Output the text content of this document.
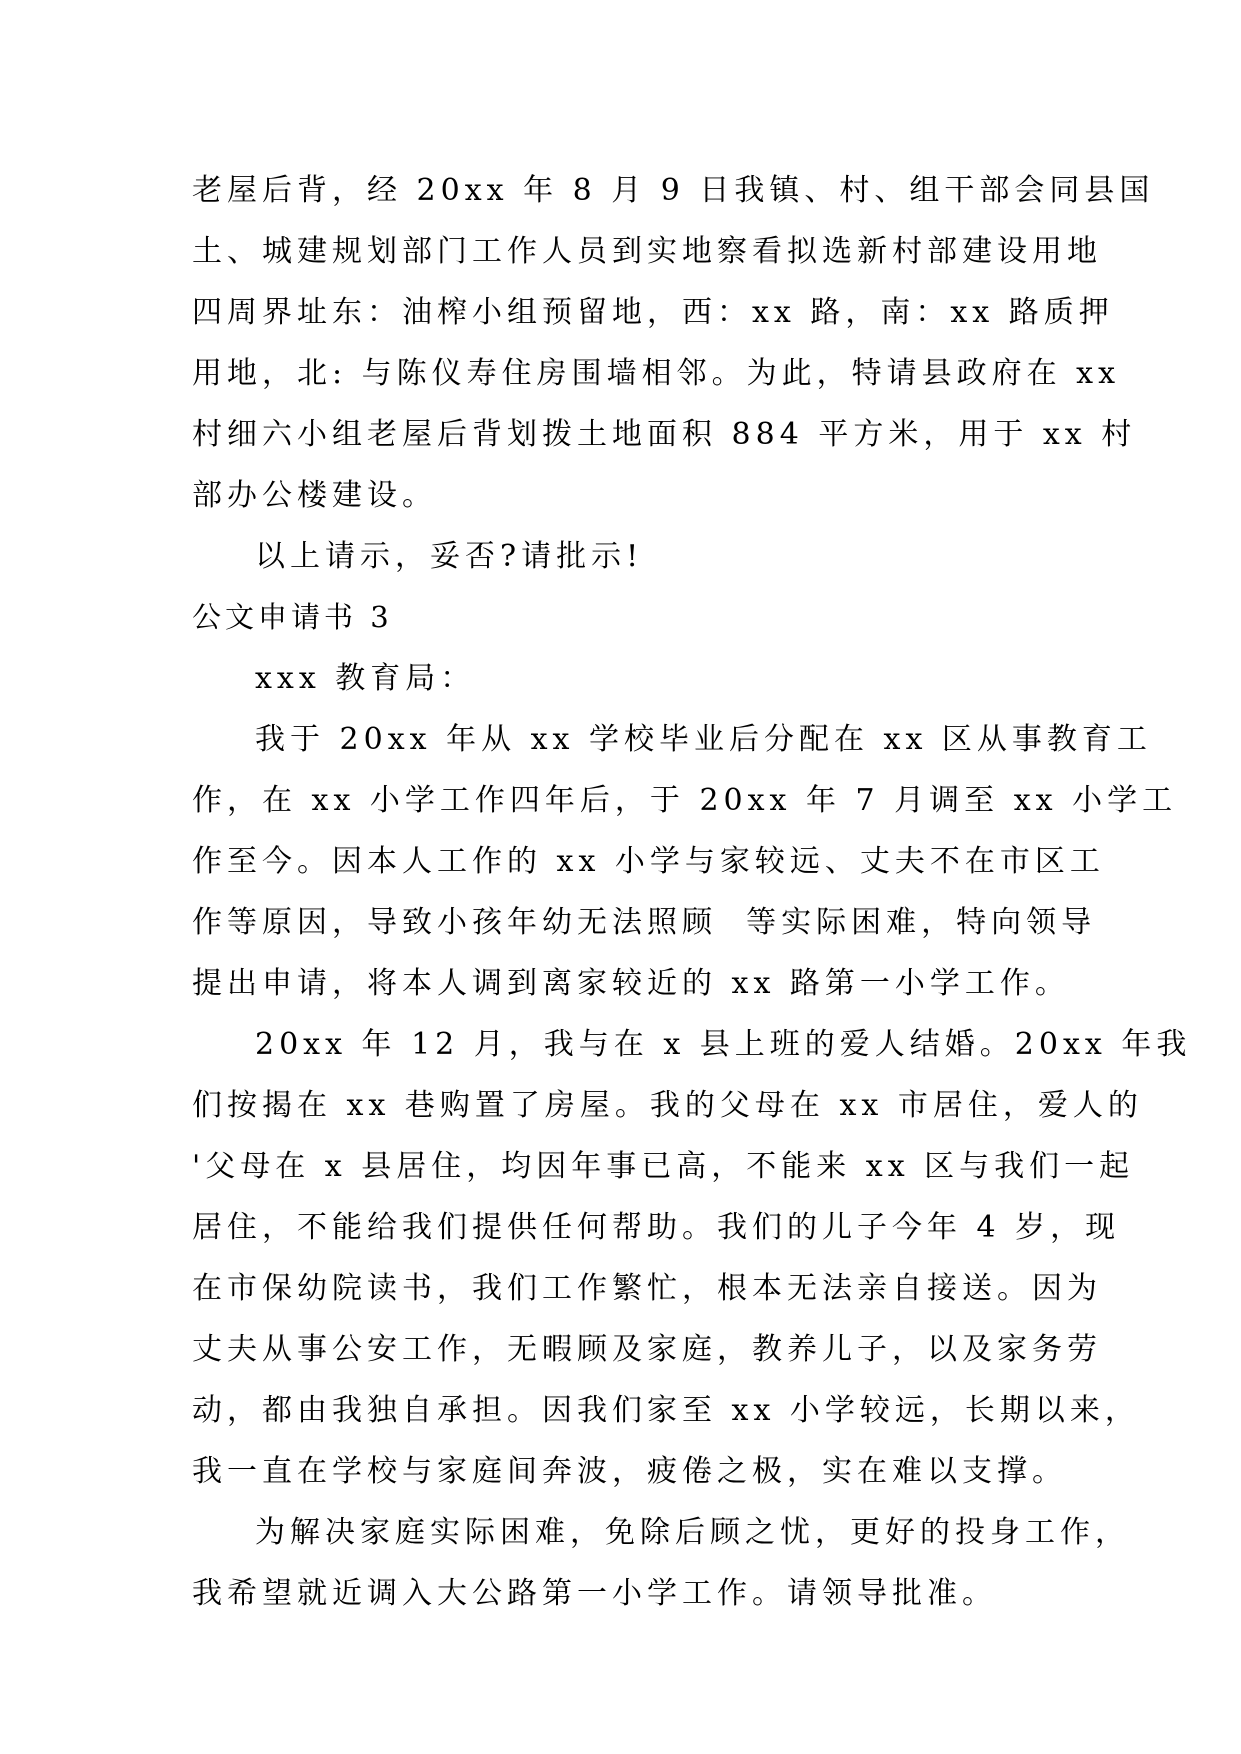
老屋后背，经 20xx 年 8 月 9 日我镇、村、组干部会同县国
土、城建规划部门工作人员到实地察看拟选新村部建设用地
四周界址东：油榨小组预留地，西：xx 路，南：xx 路质押
用地，北: 与陈仪寿住房围墙相邻。为此，特请县政府在 xx
村细六小组老屋后背划拨土地面积 884 平方米，用于 xx 村
部办公楼建设。
以上请示，妥否?请批示!
公文申请书 3
xxx 教育局：
我于 20xx 年从 xx 学校毕业后分配在 xx 区从事教育工
作，在 xx 小学工作四年后，于 20xx 年 7 月调至 xx 小学工
作至今。因本人工作的 xx 小学与家较远、丈夫不在市区工
作等原因，导致小孩年幼无法照顾  等实际困难，特向领导
提出申请，将本人调到离家较近的 xx 路第一小学工作。
20xx 年 12 月，我与在 x 县上班的爱人结婚。20xx 年我
们按揭在 xx 巷购置了房屋。我的父母在 xx 市居住，爱人的
'父母在 x 县居住，均因年事已高，不能来 xx 区与我们一起
居住，不能给我们提供任何帮助。我们的儿子今年 4 岁，现
在市保幼院读书，我们工作繁忙，根本无法亲自接送。因为
丈夫从事公安工作，无暇顾及家庭，教养儿子，以及家务劳
动，都由我独自承担。因我们家至 xx 小学较远，长期以来，
我一直在学校与家庭间奔波，疲倦之极，实在难以支撑。
为解决家庭实际困难，免除后顾之忧，更好的投身工作，
我希望就近调入大公路第一小学工作。请领导批准。
